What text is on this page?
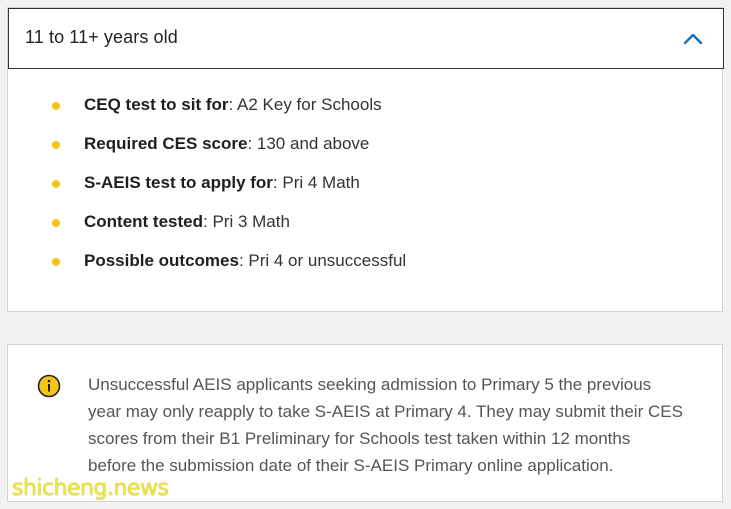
11 to 11+ years old
CEQ test to sit for: A2 Key for Schools
Required CES score: 130 and above
S-AEIS test to apply for: Pri 4 Math
Content tested: Pri 3 Math
Possible outcomes: Pri 4 or unsuccessful
Unsuccessful AEIS applicants seeking admission to Primary 5 the previous
year may only reapply to take S-AEIS at Primary 4. They may submit their CES
scores from their B1 Preliminary for Schools test taken within 12 months
before the submission date of their S-AEIS Primary online application.
shicheng.news
